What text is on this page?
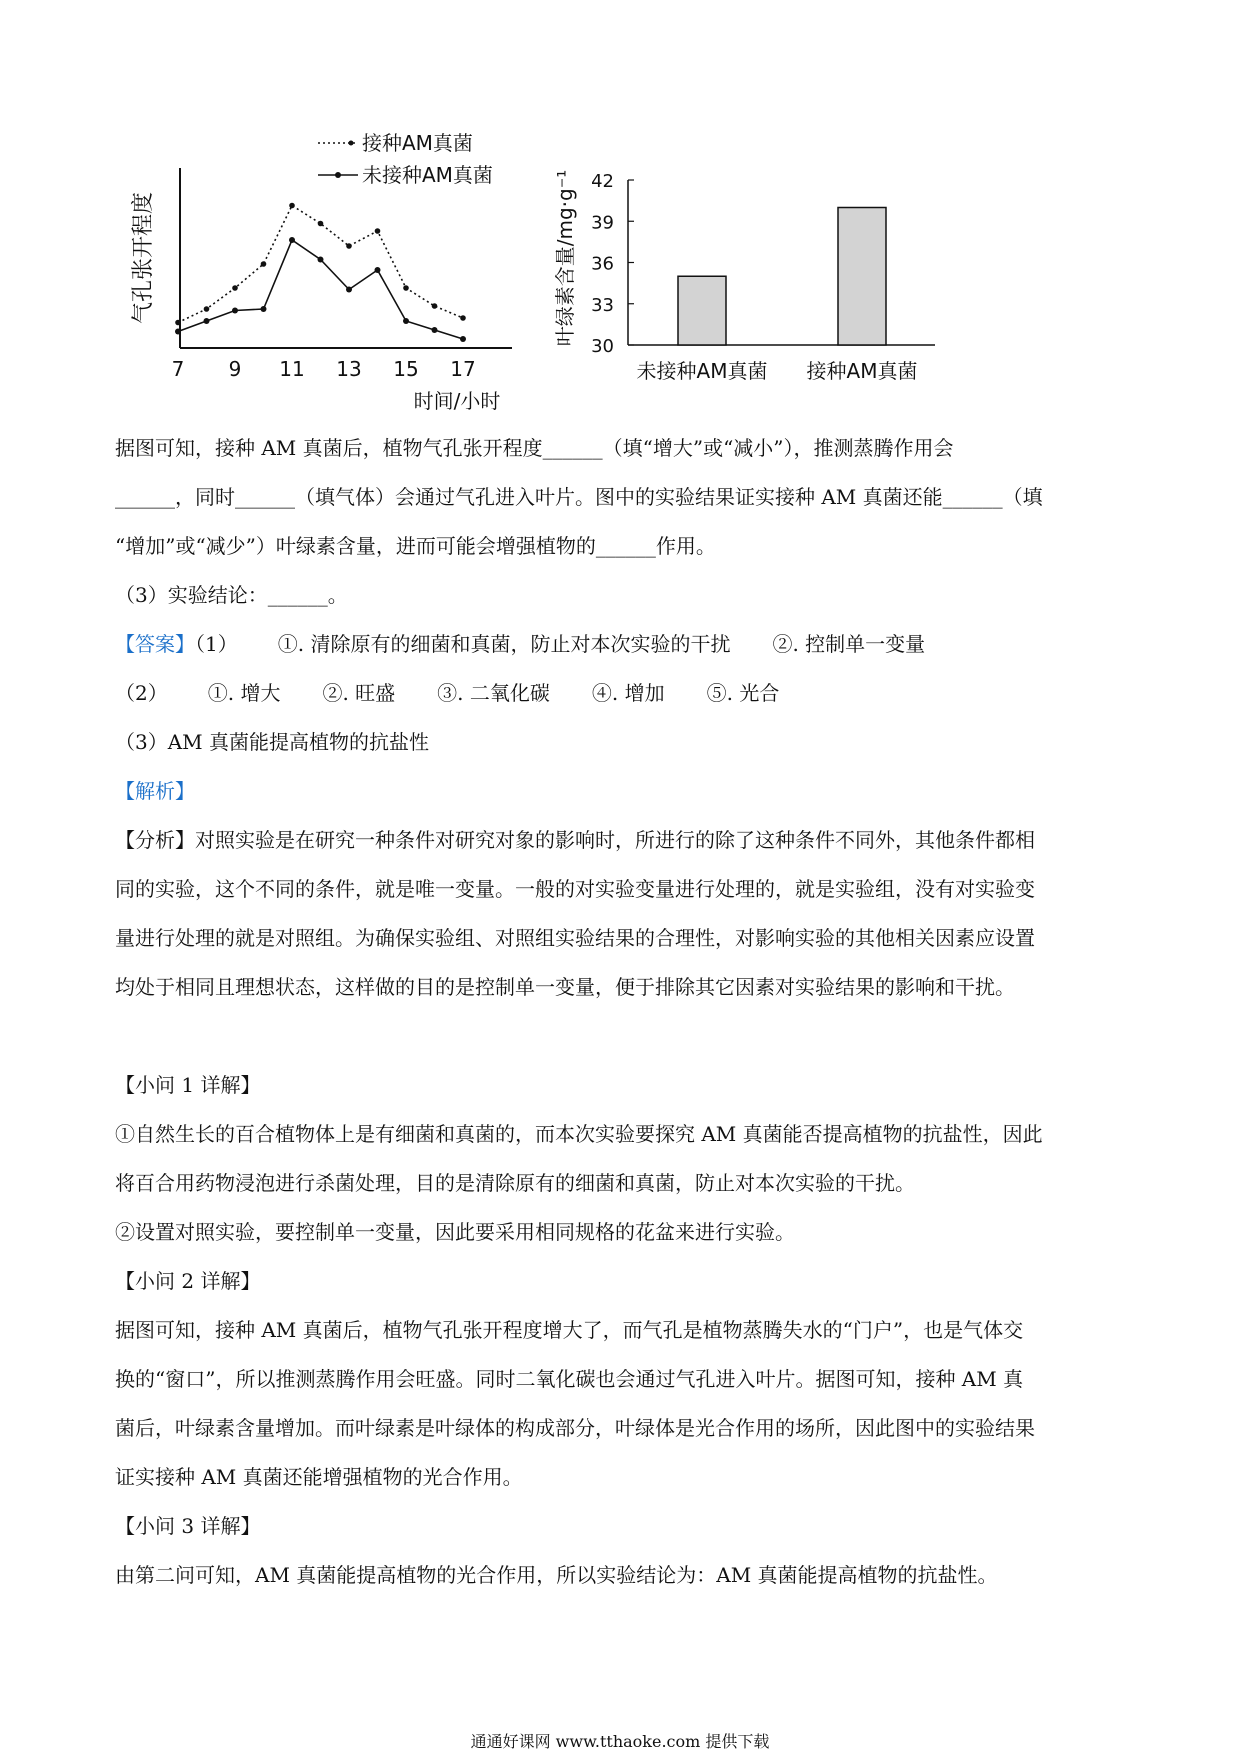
气孔张开程度
时间/小时
接种AM真菌
未接种AM真菌
7 9 11 13 15 17
叶绿素含量/mg·g⁻¹
30
33
36
39
42
未接种AM真菌 接种AM真菌
据图可知，接种 AM 真菌后，植物气孔张开程度______（填“增大”或“减小”），推测蒸腾作用会
______，同时______（填气体）会通过气孔进入叶片。图中的实验结果证实接种 AM 真菌还能______（填
“增加”或“减少”）叶绿素含量，进而可能会增强植物的______作用。
（3）实验结论：______。
【答案】（1） ①. 清除原有的细菌和真菌，防止对本次实验的干扰 ②. 控制单一变量
（2） ①. 增大 ②. 旺盛 ③. 二氧化碳 ④. 增加 ⑤. 光合
（3）AM 真菌能提高植物的抗盐性
【解析】
【分析】对照实验是在研究一种条件对研究对象的影响时，所进行的除了这种条件不同外，其他条件都相
同的实验，这个不同的条件，就是唯一变量。一般的对实验变量进行处理的，就是实验组，没有对实验变
量进行处理的就是对照组。为确保实验组、对照组实验结果的合理性，对影响实验的其他相关因素应设置
均处于相同且理想状态，这样做的目的是控制单一变量，便于排除其它因素对实验结果的影响和干扰。
【小问 1 详解】
①自然生长的百合植物体上是有细菌和真菌的，而本次实验要探究 AM 真菌能否提高植物的抗盐性，因此
将百合用药物浸泡进行杀菌处理，目的是清除原有的细菌和真菌，防止对本次实验的干扰。
②设置对照实验，要控制单一变量，因此要采用相同规格的花盆来进行实验。
【小问 2 详解】
据图可知，接种 AM 真菌后，植物气孔张开程度增大了，而气孔是植物蒸腾失水的“门户”，也是气体交
换的“窗口”，所以推测蒸腾作用会旺盛。同时二氧化碳也会通过气孔进入叶片。据图可知，接种 AM 真
菌后，叶绿素含量增加。而叶绿素是叶绿体的构成部分，叶绿体是光合作用的场所，因此图中的实验结果
证实接种 AM 真菌还能增强植物的光合作用。
【小问 3 详解】
由第二问可知，AM 真菌能提高植物的光合作用，所以实验结论为：AM 真菌能提高植物的抗盐性。
通通好课网 www.tthaoke.com 提供下载
